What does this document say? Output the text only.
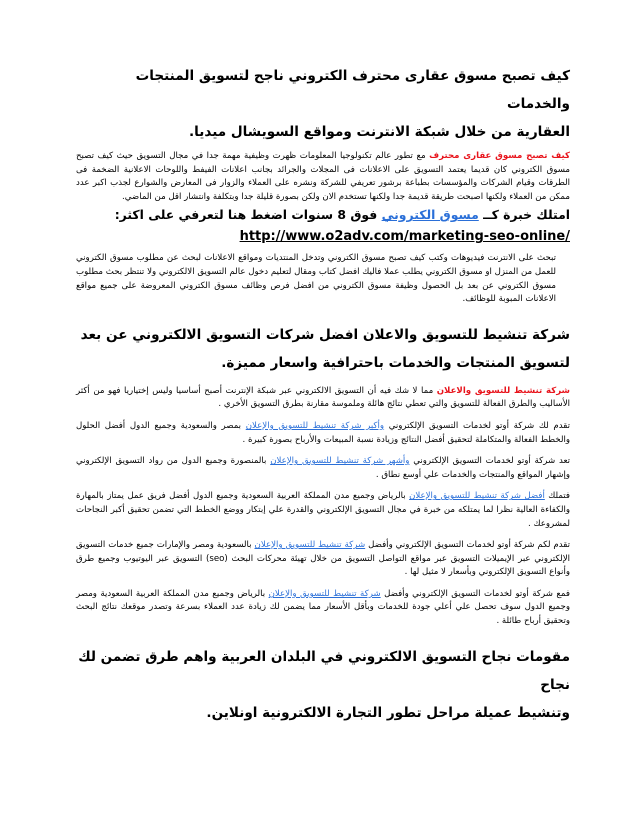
كيف تصبح مسوق عقارى محترف الكتروني ناجح لتسويق المنتجات والخدمات

العقارية من خلال شبكة الانترنت ومواقع السويشال ميديا.

كيف تصبح مسوق عقارى محترف مع تطور عالم تكنولوجيا المعلومات ظهرت وظيفية مهمة جدا في مجال التسويق حيث كيف تصبح مسوق الكتروني كان قديما يعتمد التسويق على الاعلانات فى المجلات والجرائد بجانب اعلانات الفيفط واللوحات الاعلانية الضخمة فى الطرقات وقيام الشركات والمؤسسات بطباعة برشور تعريفي للشركة ونشره على العملاء والزوار فى المعارض والشوارع لجذب اكبر عدد ممكن من العملاء ولكنها اصبحت طريقة قديمة جدا ولكنها تستخدم الان ولكن بصورة قليلة جدا وبتكلفة وانتشار اقل من الماضي.

امتلك خبرة كــ مسوق الكتروني فوق 8 سنوات اضغط هنا لتعرفي على اكثر:

http://www.o2adv.com/marketing-seo-online/

تبحث على الانترنت فيديوهات وكتب كيف تصبح مسوق الكتروني وتدخل المنتديات ومواقع الاعلانات لبحث عن مطلوب مسوق الكتروني للعمل من المنزل او مسوق الكتروني يطلب عملا فاليك افضل كتاب ومقال لتعليم دخول عالم التسويق الالكتروني ولا تنتظر بحث مطلوب مسوق الكتروني عن بعد بل الحصول وظيفة مسوق الكتروني من افضل فرص وظائف مسوق الكتروني المعروضة على جميع مواقع الاعلانات المبوبة للوظائف.

شركة تنشيط للتسويق والاعلان افضل شركات التسويق الالكتروني عن بعد

لتسويق المنتجات والخدمات باحترافية واسعار مميزة.

شركة تنشيط للتسويق والاعلان مما لا شك فيه أن التسويق الالكتروني عبر شبكة الإنترنت أصبح أساسيا وليس إختياريا فهو من أكثر الأساليب والطرق الفعالة للتسويق والتي تعطي نتائج هائلة وملموسة مقارنة بطرق التسويق الأخري .

تقدم لك شركة أوتو لخدمات التسويق الإلكتروني وأكبر شركة تنشيط للتسويق والإعلان بمصر والسعودية وجميع الدول أفضل الحلول والخطط الفعالة والمتكاملة لتحقيق أفضل النتائج وزيادة نسبة المبيعات والأرباح بصورة كبيرة .

تعد شركة أوتو لخدمات التسويق الإلكتروني وأشهر شركة تنشيط للتسويق والإعلان بالمنصورة وجميع الدول من رواد التسويق الإلكتروني وإشهار المواقع والمنتجات والخدمات علي أوسع نطاق .

فتملك أفضل شركة تنشيط للتسويق والإعلان بالرياض وجميع مدن المملكة العربية السعودية وجميع الدول أفضل فريق عمل يمتاز بالمهارة والكفاءة العالية نظرا لما يمتلكه من خبرة في مجال التسويق الإلكتروني والقدرة علي إبتكار ووضع الخطط التي تضمن تحقيق أكبر النجاحات لمشروعك .

تقدم لكم شركة أوتو لخدمات التسويق الإلكتروني وأفضل شركة تنشيط للتسويق والإعلان بالسعودية ومصر والإمارات جميع خدمات التسويق الإلكتروني عبر الإيميلات التسويق عبر مواقع التواصل التسويق من خلال تهيئة محركات البحث (seo) التسويق عبر اليوتيوب وجميع طرق وأنواع التسويق الإلكتروني وبأسعار لا مثيل لها .

فمع شركة أوتو لخدمات التسويق الإلكتروني وأفضل شركة تنشيط للتسويق والإعلان بالرياض وجميع مدن المملكة العربية السعودية ومصر وجميع الدول سوف تحصل علي أعلي جودة للخدمات وبأقل الأسعار مما يضمن لك زيادة عدد العملاء بسرعة وتصدر موقعك نتائج البحث وتحقيق أرباح طائلة .

مقومات نجاح التسويق الالكتروني في البلدان العربية واهم طرق تضمن لك نجاح

وتنشيط عميلة مراحل تطور التجارة الالكترونية اونلاين.
